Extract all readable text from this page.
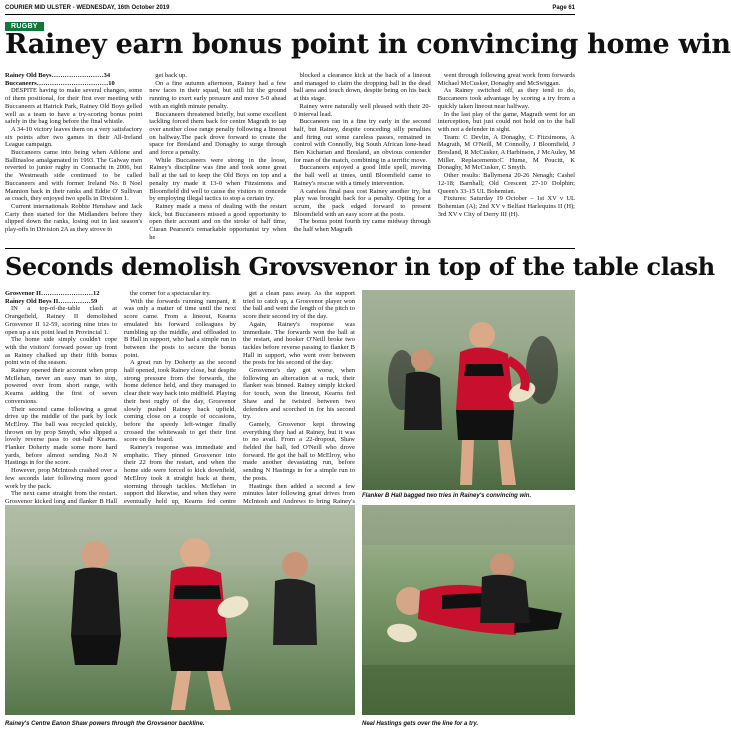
COURIER MID ULSTER - WEDNESDAY, 16th October 2019	Page 61
RUGBY
Rainey earn bonus point in convincing home win

Rainey Old Boys……………………34

Buccaneers……………………………10

DESPITE having to make several changes, some of them positional, for their first ever meeting with Buccaneers at Hatrick Park, Rainey Old Boys gelled well as a team to have a try-scoring bonus point safely in the bag long before the final whistle.

A 34-10 victory leaves them on a very satisfactory six points after two games in their All-Ireland League campaign.

Buccaneers came into being when Athlone and Ballinasloe amalgamated in 1993. The Galway men reverted to junior rugby in Connacht in 2006, but the Westmeath side continued to be called Buccaneers and with former Ireland No. 8 Noel Mannion back in their ranks and Eddie O' Sullivan as coach, they enjoyed two spells in Division 1.

Current internationals Robbie Henshaw and Jack Carty then started for the Midlanders before they slipped down the ranks, losing out in last season's play-offs in Division 2A as they strove to

get back up.

On a fine autumn afternoon, Rainey had a few new faces in their squad, but still hit the ground running to exert early pressure and move 5-0 ahead with an eighth minute penalty.

Buccaneers threatened briefly, but some excellent tackling forced them back for centre Magrath to tap over another close range penalty following a lineout on halfway.The pack drove forward to create the space for Bresland and Donaghy to surge through and force a penalty.

While Buccaneers were strong in the loose, Rainey's discipline was fine and took some great ball at the tail to keep the Old Boys on top and a penalty try made it 13-0 when Fitzsimons and Bloomfield did well to cause the visitors to concede by employing illegal tactics to stop a certain try.

Rainey made a mess of dealing with the restart kick, but Buccaneers missed a good opportunity to open their account and on the stroke of half time, Ciaran Pearson's remarkable opportunist try when he

blocked a clearance kick at the back of a lineout and managed to claim the dropping ball in the dead ball area and touch down, despite being on his back at this stage.

Rainey were naturally well pleased with their 20-0 interval lead.

Buccaneers ran in a fine try early in the second half, but Rainey, despite conceding silly penalties and firing out some careless passes, remained in control with Connolly, big South African lone-head Ben Kicharian and Bresland, an obvious contender for man of the match, combining in a terrific move.

Buccaneers enjoyed a good little spell, moving the ball well at times, until Bloomfield came to Rainey's rescue with a timely intervention.

A careless final pass cost Rainey another try, but play was brought back for a penalty. Opting for a scrum, the pack edged forward to present Bloomfield with an easy score at the posts.

The bonus point fourth try came midway through the half when Magrath

went through following great work from forwards Michael McCusker, Donaghy and McSwiggan.

As Rainey switched off, as they tend to do, Buccaneers took advantage by scoring a try from a quickly taken lineout near halfway.

In the last play of the game, Magrath went for an interception, but just could not hold on to the ball with not a defender in sight.

Team: C Devlin, A Donaghy, C Fitzsimons, A Magrath, M O'Neill, M Connolly, J Bloomfield, J Bresland, R McCusker, A Harbinson, J McAuley, M Miller. Replacements:C Hume, M Poucitt, K Donaghy, M McCusker, C Smyth.

Other results: Ballymena 20-26 Nenagh; Cashel 12-18; Barnhall; Old Crescent 27-10 Dolphin; Queen's 33-15 UL Bohemian.

Fixtures: Saturday 19 October – 1st XV v UL Bohemian (A); 2nd XV v Belfast Harlequins II (H); 3rd XV v City of Derry III (H).

Seconds demolish Grovsvenor in top of the table clash

Grosvenor II……………………12

Rainey Old Boys II……………59

IN a top-of-the-table clash at Orangefield, Rainey II demolished Grosvenor II 12-59, scoring nine tries to open up a six point lead in Provincial 1.

The home side simply couldn't cope with the visitors' forward power up front as Rainey chalked up their fifth bonus point win of the season.

Rainey opened their account when prop McIlehan, never an easy man to stop, powered over from short range, with Kearns adding the first of seven conversions.

Their second came following a great drive up the middle of the park by lock McElroy. The ball was recycled quickly, thrown on by prop Smyth, who slipped a lovely reverse pass to out-half Kearns. Flanker Doherty made some more hard yards, before almost sending No.8 N Hastings in for the score.

However, prop McIntosh crashed over a few seconds later following more good work by the pack.

The next came straight from the restart. Grosvenor kicked long and flanker B Hall

the corner for a spectacular try.

With the forwards running rampant, it was only a matter of time until the next score came. From a lineout, Kearns emulated his forward colleagues by rumbling up the middle, and offloaded to B Hall in support, who had a simple run in between the posts to secure the bonus point.

A great run by Doherty as the second half opened, took Rainey close, but despite strong pressure from the forwards, the home defence held, and they managed to clear their way back into midfield. Playing their best rugby of the day, Grosvenor slowly pushed Rainey back upfield, coming close on a couple of occasions, before the speedy left-winger finally crossed the whitewash to get their first score on the board.

Rainey's response was immediate and emphatic. They pinned Grosvenor into their 22 from the restart, and when the home side were forced to kick downfield, McElroy took it straight back at them, storming through tackles. McIlehan in support did likewise, and when they were eventually held up, Kearns fed centre

get a clean pass away. As the support tried to catch up, a Grosvenor player won the ball and went the length of the pitch to score their second try of the day.

Again, Rainey's response was immediate. The forwards won the ball at the restart, and hooker O'Neill broke two tackles before reverse passing to flanker B Hall in support, who went over between the posts for his second of the day.

Grosvenor's day got worse, when following an altercation at a ruck, their flanker was binned. Rainey simply kicked for touch, won the lineout, Kearns fed Shaw and he twisted between two defenders and scorched in for his second try.

Gamely, Grosvenor kept throwing everything they had at Rainey, but it was to no avail. From a 22-dropout, Shaw fielded the ball, fed O'Neill who drove forward. He got the ball to McElroy, who made another devastating run, before sending N Hastings in for a simple run to the posts.

Hastings then added a second a few minutes later following great drives from McIntosh and Andrews to bring Rainey's

Flanker B Hall bagged two tries in Rainey's convincing win.
Rainey's Centre Eanon Shaw powers through the Grovsenor backline.	Neal Hastings gets over the line for a try.
